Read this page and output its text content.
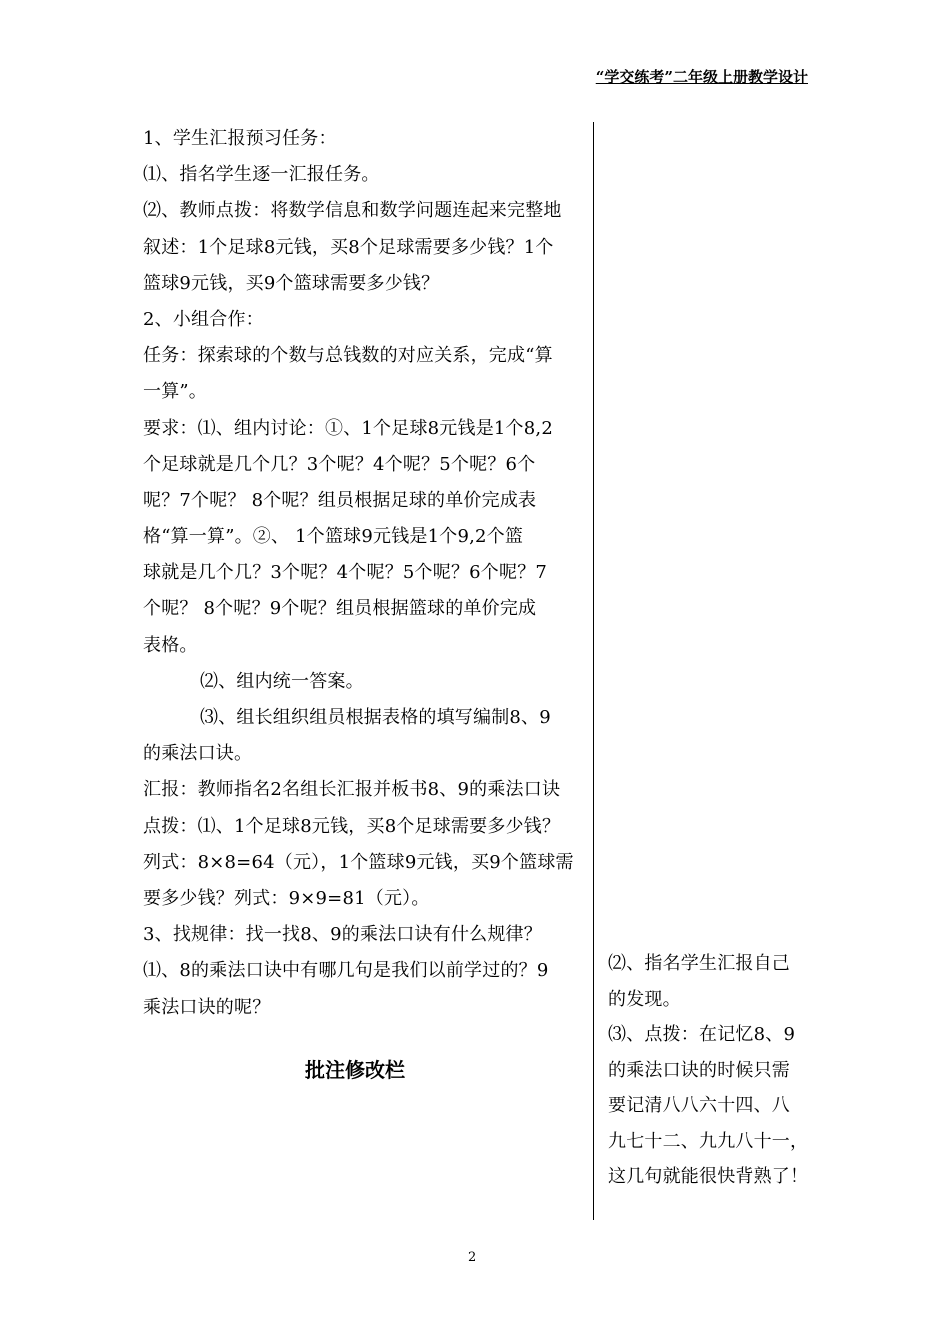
“学交练考”二年级上册教学设计
1、学生汇报预习任务：
⑴、指名学生逐一汇报任务。
⑵、教师点拨：将数学信息和数学问题连起来完整地
叙述：1个足球8元钱，买8个足球需要多少钱？1个
篮球9元钱，买9个篮球需要多少钱？
2、小组合作：
任务：探索球的个数与总钱数的对应关系，完成“算
一算”。
要求：⑴、组内讨论：①、1个足球8元钱是1个8,2
个足球就是几个几？3个呢？4个呢？5个呢？6个
呢？7个呢？ 8个呢？组员根据足球的单价完成表
格“算一算”。②、 1个篮球9元钱是1个9,2个篮
球就是几个几？3个呢？4个呢？5个呢？6个呢？7
个呢？ 8个呢？9个呢？组员根据篮球的单价完成
表格。
⑵、组内统一答案。
⑶、组长组织组员根据表格的填写编制8、9
的乘法口诀。
汇报：教师指名2名组长汇报并板书8、9的乘法口诀
点拨：⑴、1个足球8元钱，买8个足球需要多少钱？
列式：8×8=64（元），1个篮球9元钱，买9个篮球需
要多少钱？列式：9×9=81（元）。
3、找规律：找一找8、9的乘法口诀有什么规律？
⑴、8的乘法口诀中有哪几句是我们以前学过的？9
乘法口诀的呢？
⑵、指名学生汇报自己
的发现。
⑶、点拨：在记忆8、9
的乘法口诀的时候只需
要记清八八六十四、八
九七十二、九九八十一，
这几句就能很快背熟了！
批注修改栏
2
